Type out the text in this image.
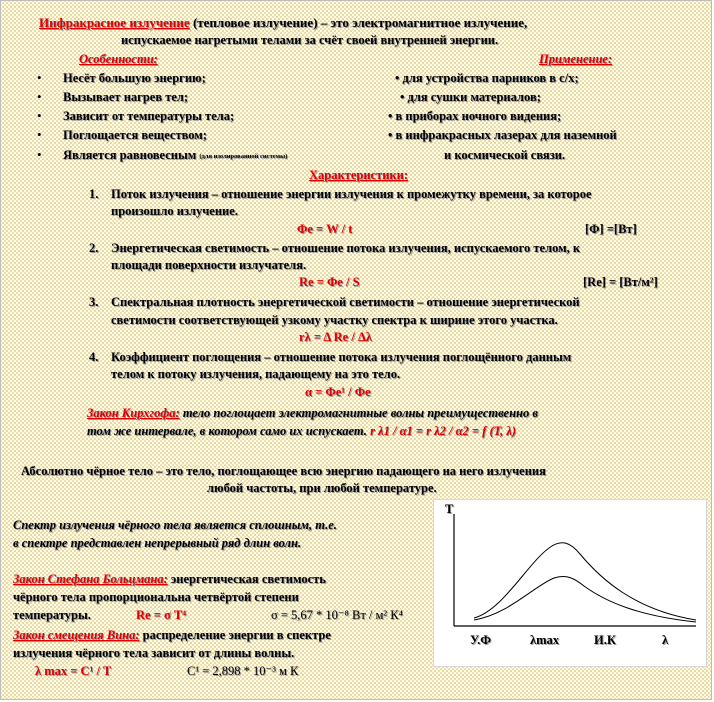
Инфракрасное излучение (тепловое излучение) – это электромагнитное излучение,
испускаемое нагретыми телами за счёт своей внутренней энергии.
Особенности:	Применение:
• Несёт большую энергию;
• Вызывает нагрев тел;
• Зависит от температуры тела;
• Поглощается веществом;
• Является равновесным (для изолированной системы)
• для устройства парников в с/х;
• для сушки материалов;
• в приборах ночного видения;
• в инфракрасных лазерах для наземной
и космической связи.
Характеристики:
1. Поток излучения – отношение энергии излучения к промежутку времени, за которое
произошло излучение.
Φе = W / t	[Φ] =[Вт]
2. Энергетическая светимость – отношение потока излучения, испускаемого телом, к
площади поверхности излучателя.
Rе = Φе / S	[Rе] = [Вт/м²]
3. Спектральная плотность энергетической светимости – отношение энергетической
светимости соответствующей узкому участку спектра к ширине этого участка.
rλ = Δ Rе / Δλ
4. Коэффициент поглощения – отношение потока излучения поглощённого данным
телом к потоку излучения, падающему на это тело.
α = Φе¹ / Φе
Закон Кирхгофа: тело поглощает электромагнитные волны преимущественно в
том же интервале, в котором само их испускает. r λ1 / α1 = r λ2 / α2 = f (T, λ)
Абсолютно чёрное тело – это тело, поглощающее всю энергию падающего на него излучения
любой частоты, при любой температуре.
Спектр излучения чёрного тела является сплошным, т.е.
в спектре представлен непрерывный ряд длин волн.
Закон Стефана Больцмана: энергетическая светимость
чёрного тела пропорциональна четвёртой степени
температуры.	Rе = σ T⁴	σ = 5,67 * 10⁻⁸ Вт / м² К⁴
Закон смещения Вина: распределение энергии в спектре
излучения чёрного тела зависит от длины волны.
λ max = C¹ / T	C¹ = 2,898 * 10⁻³ м К
T
У.Ф	λmax	И.К	λ
